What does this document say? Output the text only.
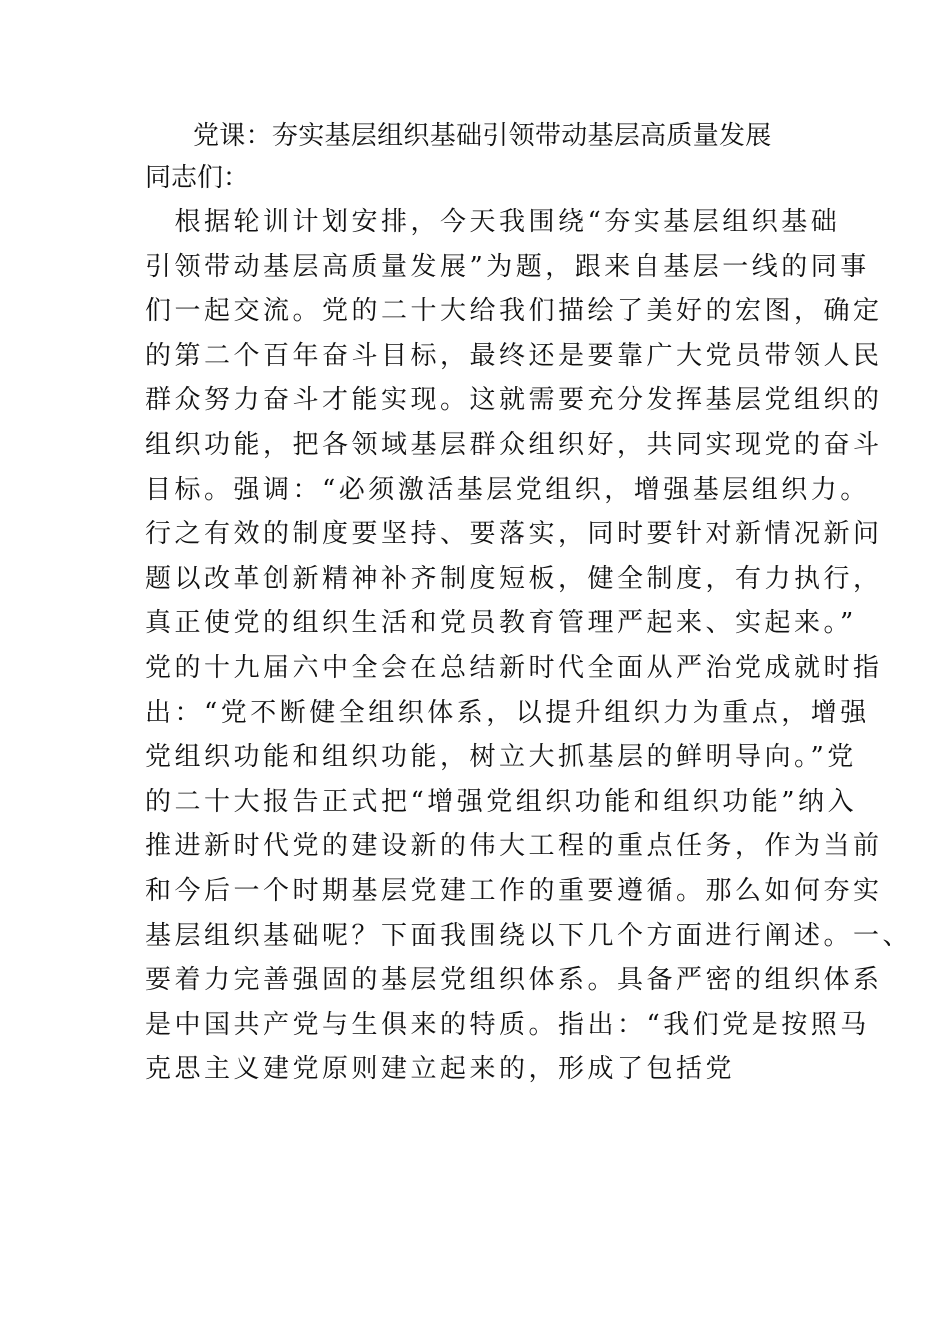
党课：夯实基层组织基础引领带动基层高质量发展
同志们：
　根据轮训计划安排，今天我围绕“夯实基层组织基础
引领带动基层高质量发展”为题，跟来自基层一线的同事
们一起交流。党的二十大给我们描绘了美好的宏图，确定
的第二个百年奋斗目标，最终还是要靠广大党员带领人民
群众努力奋斗才能实现。这就需要充分发挥基层党组织的
组织功能，把各领域基层群众组织好，共同实现党的奋斗
目标。强调：“必须激活基层党组织，增强基层组织力。
行之有效的制度要坚持、要落实，同时要针对新情况新问
题以改革创新精神补齐制度短板，健全制度，有力执行，
真正使党的组织生活和党员教育管理严起来、实起来。”
党的十九届六中全会在总结新时代全面从严治党成就时指
出：“党不断健全组织体系，以提升组织力为重点，增强
党组织功能和组织功能，树立大抓基层的鲜明导向。”党
的二十大报告正式把“增强党组织功能和组织功能”纳入
推进新时代党的建设新的伟大工程的重点任务，作为当前
和今后一个时期基层党建工作的重要遵循。那么如何夯实
基层组织基础呢？下面我围绕以下几个方面进行阐述。一、
要着力完善强固的基层党组织体系。具备严密的组织体系
是中国共产党与生俱来的特质。指出：“我们党是按照马
克思主义建党原则建立起来的，形成了包括党
